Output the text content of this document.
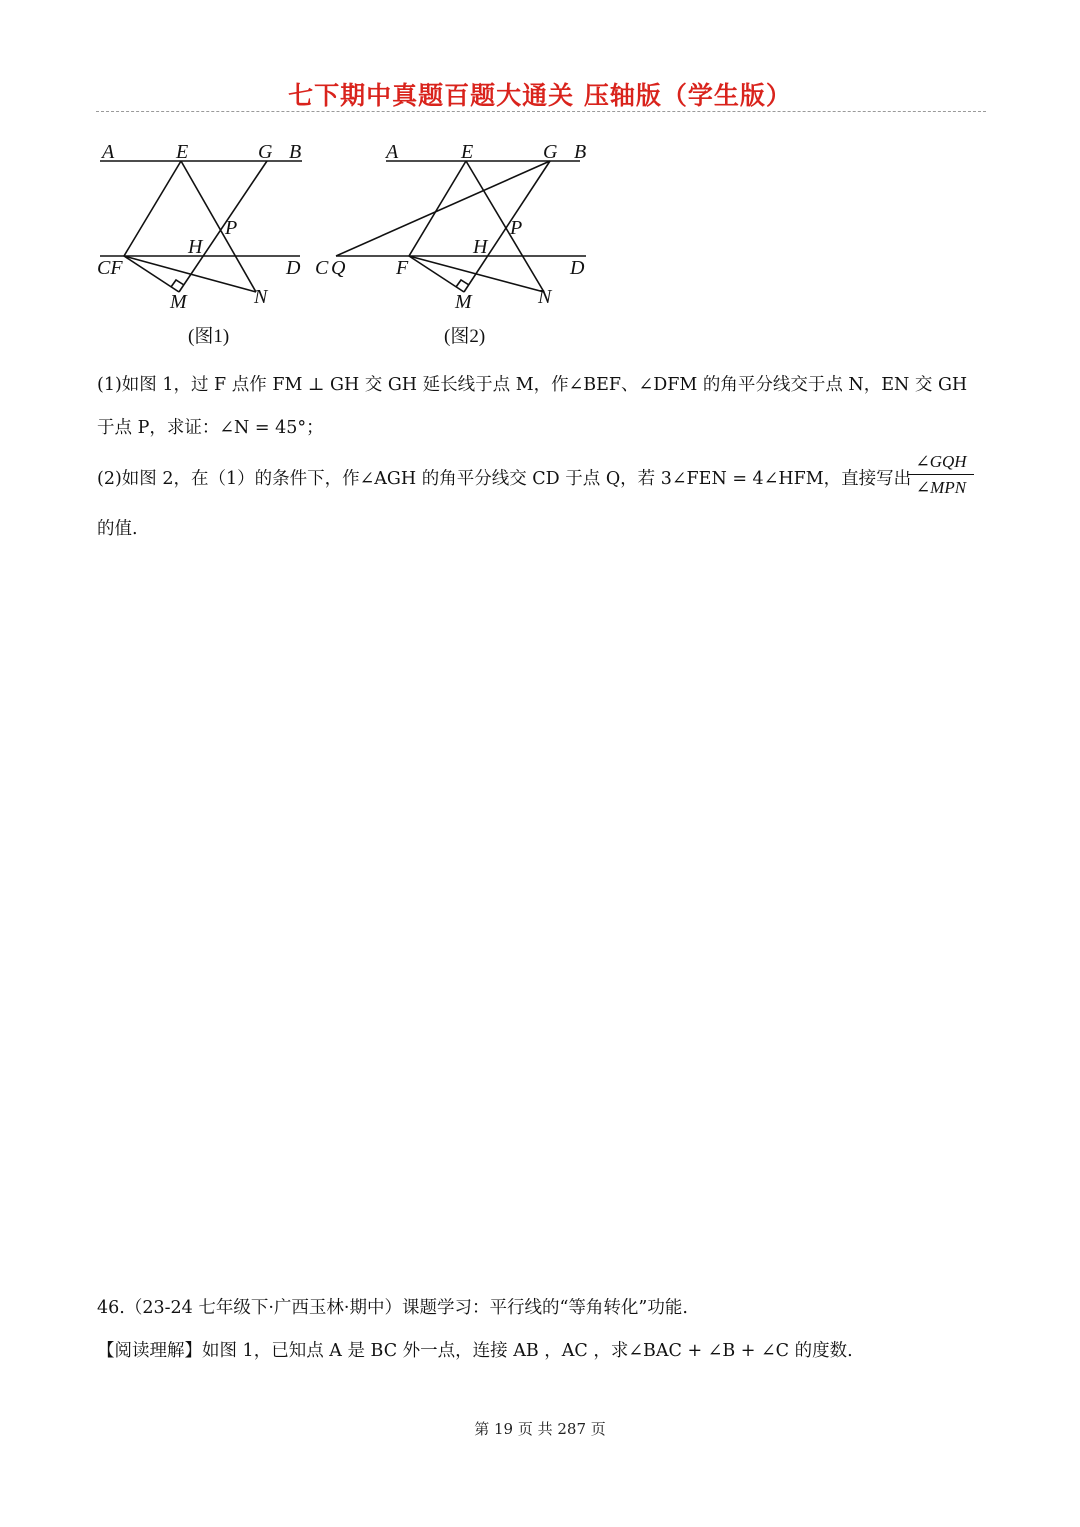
七下期中真题百题大通关 压轴版（学生版）
A	E	G B
P
H
CF	D
M	N
(图1)
A	E	G B
P
H
C Q	F	D
M	N
(图2)
(1)如图 1，过 F 点作 FM ⊥ GH 交 GH 延长线于点 M，作∠BEF、∠DFM 的角平分线交于点 N，EN 交 GH
于点 P，求证：∠N = 45°；
(2)如图 2，在（1）的条件下，作∠AGH 的角平分线交 CD 于点 Q，若 3∠FEN = 4∠HFM，直接写出
∠GQH
∠MPN
的值.
46.（23-24 七年级下·广西玉林·期中）课题学习：平行线的“等角转化”功能.
【阅读理解】如图 1，已知点 A 是 BC 外一点，连接 AB ，AC ，求∠BAC + ∠B + ∠C 的度数.
第 19 页 共 287 页
